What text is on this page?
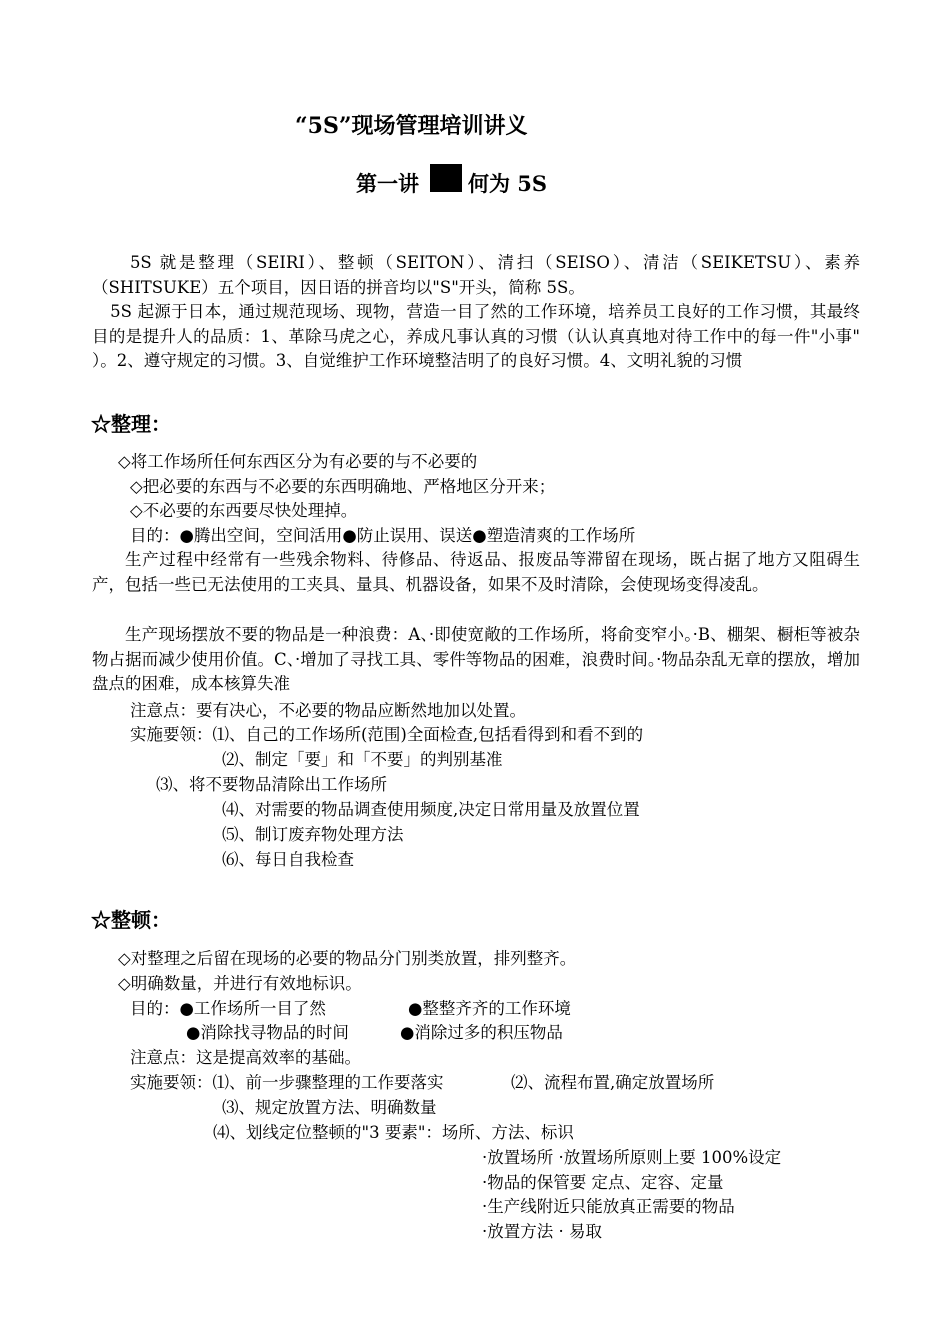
“5S”现场管理培训讲义
第一讲 何为 5S
5S 就是整理（SEIRI）、整顿（SEITON）、清扫（SEISO）、清洁（SEIKETSU）、素养（SHITSUKE）五个项目，因日语的拼音均以"S"开头，简称 5S。
5S 起源于日本，通过规范现场、现物，营造一目了然的工作环境，培养员工良好的工作习惯，其最终目的是提升人的品质：1、革除马虎之心，养成凡事认真的习惯（认认真真地对待工作中的每一件"小事" ）。2、遵守规定的习惯。3、自觉维护工作环境整洁明了的良好习惯。4、文明礼貌的习惯
☆整理：
◇将工作场所任何东西区分为有必要的与不必要的
◇把必要的东西与不必要的东西明确地、严格地区分开来；
◇不必要的东西要尽快处理掉。
目的：●腾出空间，空间活用●防止误用、误送●塑造清爽的工作场所
生产过程中经常有一些残余物料、待修品、待返品、报废品等滞留在现场，既占据了地方又阻碍生产，包括一些已无法使用的工夹具、量具、机器设备，如果不及时清除，会使现场变得凌乱。
生产现场摆放不要的物品是一种浪费：A、·即使宽敞的工作场所，将俞变窄小。·B、棚架、橱柜等被杂物占据而减少使用价值。C、·增加了寻找工具、零件等物品的困难，浪费时间。·物品杂乱无章的摆放，增加盘点的困难，成本核算失准
注意点：要有决心，不必要的物品应断然地加以处置。
实施要领：⑴、自己的工作场所(范围)全面检查,包括看得到和看不到的
⑵、制定「要」和「不要」的判别基准
⑶、将不要物品清除出工作场所
⑷、对需要的物品调查使用频度,决定日常用量及放置位置
⑸、制订废弃物处理方法
⑹、每日自我检查
☆整顿：
◇对整理之后留在现场的必要的物品分门别类放置，排列整齐。
◇明确数量，并进行有效地标识。
目的：●工作场所一目了然	●整整齐齐的工作环境
●消除找寻物品的时间	●消除过多的积压物品
注意点：这是提高效率的基础。
实施要领：⑴、前一步骤整理的工作要落实	⑵、流程布置,确定放置场所
⑶、规定放置方法、明确数量
⑷、划线定位整顿的"3 要素"：场所、方法、标识
·放置场所 ·放置场所原则上要 100%设定
·物品的保管要 定点、定容、定量
·生产线附近只能放真正需要的物品
·放置方法 · 易取
